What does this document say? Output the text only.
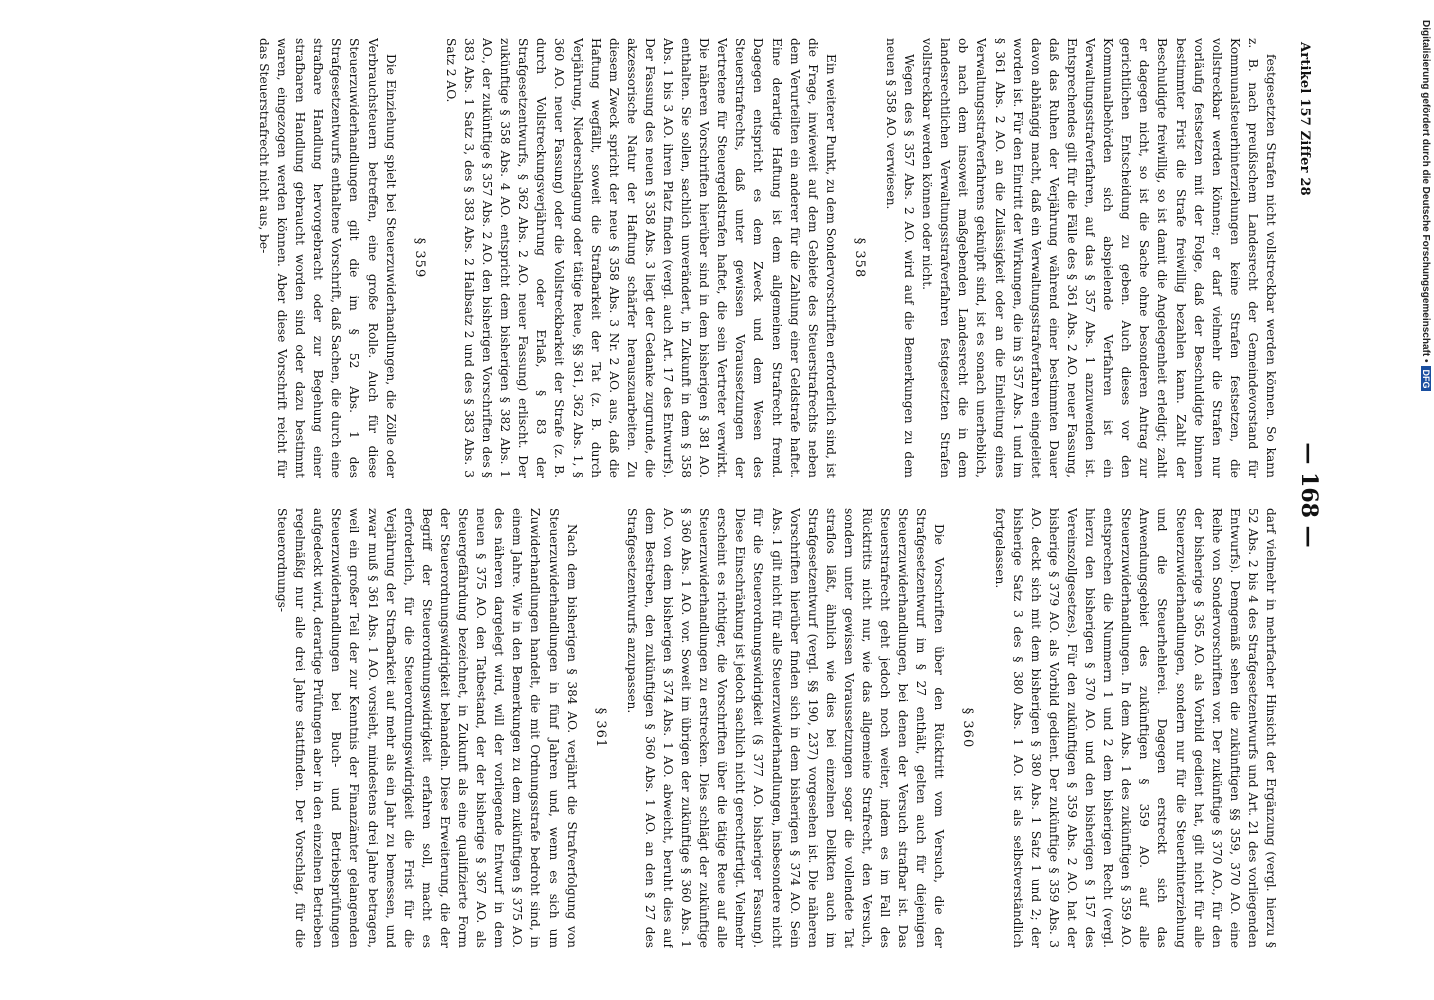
Artikel 157 Ziffer 28
— 168 —

festgesetzten Strafen nicht vollstreckbar werden können. So kann z. B. nach preußischem Landesrecht der Gemeindevorstand für Kommunalsteuerhinterziehungen keine Strafen festsetzen, die vollstreckbar werden können; er darf vielmehr die Strafen nur vorläufig festsetzen mit der Folge, daß der Beschuldigte binnen bestimmter Frist die Strafe freiwillig bezahlen kann. Zahlt der Beschuldigte freiwillig, so ist damit die Angelegenheit erledigt; zahlt er dagegen nicht, so ist die Sache ohne besonderen Antrag zur gerichtlichen Entscheidung zu geben. Auch dieses vor den Kommunalbehörden sich abspielende Verfahren ist ein Verwaltungsstrafverfahren, auf das § 357 Abs. 1 anzuwenden ist. Entsprechendes gilt für die Fälle des § 361 Abs. 2 AO. neuer Fassung, daß das Ruhen der Verjährung während einer bestimmten Dauer davon abhängig macht, daß ein Verwaltungsstrafverfahren eingeleitet worden ist. Für den Eintritt der Wirkungen, die im § 357 Abs. 1 und im § 361 Abs. 2 AO. an die Zulässigkeit oder an die Einleitung eines Verwaltungsstrafverfahrens geknüpft sind, ist es sonach unerheblich, ob nach dem insoweit maßgebenden Landesrecht die in dem landesrechtlichen Verwaltungsstrafverfahren festgesetzten Strafen vollstreckbar werden können oder nicht.

Wegen des § 357 Abs. 2 AO. wird auf die Bemerkungen zu dem neuen § 358 AO. verwiesen.

§ 358

Ein weiterer Punkt, zu dem Sondervorschriften erforderlich sind, ist die Frage, inwieweit auf dem Gebiete des Steuerstrafrechts neben dem Verurteilten ein anderer für die Zahlung einer Geldstrafe haftet. Eine derartige Haftung ist dem allgemeinen Strafrecht fremd. Dagegen entspricht es dem Zweck und dem Wesen des Steuerstrafrechts, daß unter gewissen Voraussetzungen der Vertretene für Steuergeldstrafen haftet, die sein Vertreter verwirkt. Die näheren Vorschriften hierüber sind in dem bisherigen § 381 AO. enthalten. Sie sollen, sachlich unverändert, in Zukunft in dem § 358 Abs. 1 bis 3 AO. ihren Platz finden (vergl. auch Art. 17 des Entwurfs). Der Fassung des neuen § 358 Abs. 3 liegt der Gedanke zugrunde, die akzessorische Natur der Haftung schärfer herauszuarbeiten. Zu diesem Zweck spricht der neue § 358 Abs. 3 Nr. 2 AO. aus, daß die Haftung wegfällt, soweit die Strafbarkeit der Tat (z. B. durch Verjährung, Niederschlagung oder tätige Reue, §§ 361, 362 Abs. 1, § 360 AO. neuer Fassung) oder die Vollstreckbarkeit der Strafe (z. B. durch Vollstreckungsverjährung oder Erlaß, § 83 der Strafgesetzentwurfs, § 362 Abs. 2 AO. neuer Fassung) erlischt. Der zukünftige § 358 Abs. 4 AO. entspricht dem bisherigen § 382 Abs. 1 AO., der zukünftige § 357 Abs. 2 AO. den bisherigen Vorschriften des § 383 Abs. 1 Satz 3, des § 383 Abs. 2 Halbsatz 2 und des § 383 Abs. 3 Satz 2 AO.

§ 359

Die Einziehung spielt bei Steuerzuwiderhandlungen, die Zölle oder Verbrauchsteuern betreffen, eine große Rolle. Auch für diese Steuerzuwiderhandlungen gilt die im § 52 Abs. 1 des Strafgesetzentwurfs enthaltene Vorschrift, daß Sachen, die durch eine strafbare Handlung hervorgebracht oder zur Begehung einer strafbaren Handlung gebraucht worden sind oder dazu bestimmt waren, eingezogen werden können. Aber diese Vorschrift reicht für das Steuerstrafrecht nicht aus, be-

darf vielmehr in mehrfacher Hinsicht der Ergänzung (vergl. hierzu § 52 Abs. 2 bis 4 des Strafgesetzentwurfs und Art. 21 des vorliegenden Entwurfs). Demgemäß sehen die zukünftigen §§ 359, 370 AO. eine Reihe von Sondervorschriften vor. Der zukünftige § 370 AO., für den der bisherige § 365 AO. als Vorbild gedient hat, gilt nicht für alle Steuerzuwiderhandlungen, sondern nur für die Steuerhinterziehung und die Steuerhehlerei. Dagegen erstreckt sich das Anwendungsgebiet des zukünftigen § 359 AO. auf alle Steuerzuwiderhandlungen. In dem Abs. 1 des zukünftigen § 359 AO. entsprechen die Nummern 1 und 2 dem bisherigen Recht (vergl. hierzu den bisherigen § 370 AO. und den bisherigen § 157 des Vereinszollgesetzes). Für den zukünftigen § 359 Abs. 2 AO. hat der bisherige § 379 AO. als Vorbild gedient. Der zukünftige § 359 Abs. 3 AO. deckt sich mit dem bisherigen § 380 Abs. 1 Satz 1 und 2; der bisherige Satz 3 des § 380 Abs. 1 AO. ist als selbstverständlich fortgelassen.

§ 360

Die Vorschriften über den Rücktritt vom Versuch, die der Strafgesetzentwurf im § 27 enthält, gelten auch für diejenigen Steuerzuwiderhandlungen, bei denen der Versuch strafbar ist. Das Steuerstrafrecht geht jedoch noch weiter, indem es im Fall des Rücktritts nicht nur, wie das allgemeine Strafrecht, den Versuch, sondern unter gewissen Voraussetzungen sogar die vollendete Tat straflos läßt, ähnlich wie dies bei einzelnen Delikten auch im Strafgesetzentwurf (vergl. §§ 190, 237) vorgesehen ist. Die näheren Vorschriften hierüber finden sich in dem bisherigen § 374 AO. Sein Abs. 1 gilt nicht für alle Steuerzuwiderhandlungen, insbesondere nicht für die Steuerordnungswidrigkeit (§ 377 AO. bisheriger Fassung). Diese Einschränkung ist jedoch sachlich nicht gerechtfertigt. Vielmehr erscheint es richtiger, die Vorschriften über die tätige Reue auf alle Steuerzuwiderhandlungen zu erstrecken. Dies schlägt der zukünftige § 360 Abs. 1 AO. vor. Soweit im übrigen der zukünftige § 360 Abs. 1 AO. von dem bisherigen § 374 Abs. 1 AO. abweicht, beruht dies auf dem Bestreben, den zukünftigen § 360 Abs. 1 AO. an den § 27 des Strafgesetzentwurfs anzupassen.

§ 361

Nach dem bisherigen § 384 AO. verjährt die Strafverfolgung von Steuerzuwiderhandlungen in fünf Jahren und, wenn es sich um Zuwiderhandlungen handelt, die mit Ordnungsstrafe bedroht sind, in einem Jahre. Wie in den Bemerkungen zu dem zukünftigen § 375 AO. des näheren dargelegt wird, will der vorliegende Entwurf in dem neuen § 375 AO. den Tatbestand, der der bisherige § 367 AO. als Steuergefährdung bezeichnet, in Zukunft als eine qualifizierte Form der Steuerordnungswidrigkeit behandeln. Diese Erweiterung, die der Begriff der Steuerordnungswidrigkeit erfahren soll, macht es erforderlich, für die Steuerordnungswidrigkeit die Frist für die Verjährung der Strafbarkeit auf mehr als ein Jahr zu bemessen, und zwar muß § 361 Abs. 1 AO. vorsieht, mindestens drei Jahre betragen, weil ein großer Teil der zur Kenntnis der Finanzämter gelangenden Steuerzuwiderhandlungen bei Buch- und Betriebsprüfungen aufgedeckt wird, derartige Prüfungen aber in den einzelnen Betrieben regelmäßig nur alle drei Jahre stattfinden. Der Vorschlag, für die Steuerordnungs-

Digitalisierung gefördert durch die Deutsche Forschungsgemeinschaft •DFG
